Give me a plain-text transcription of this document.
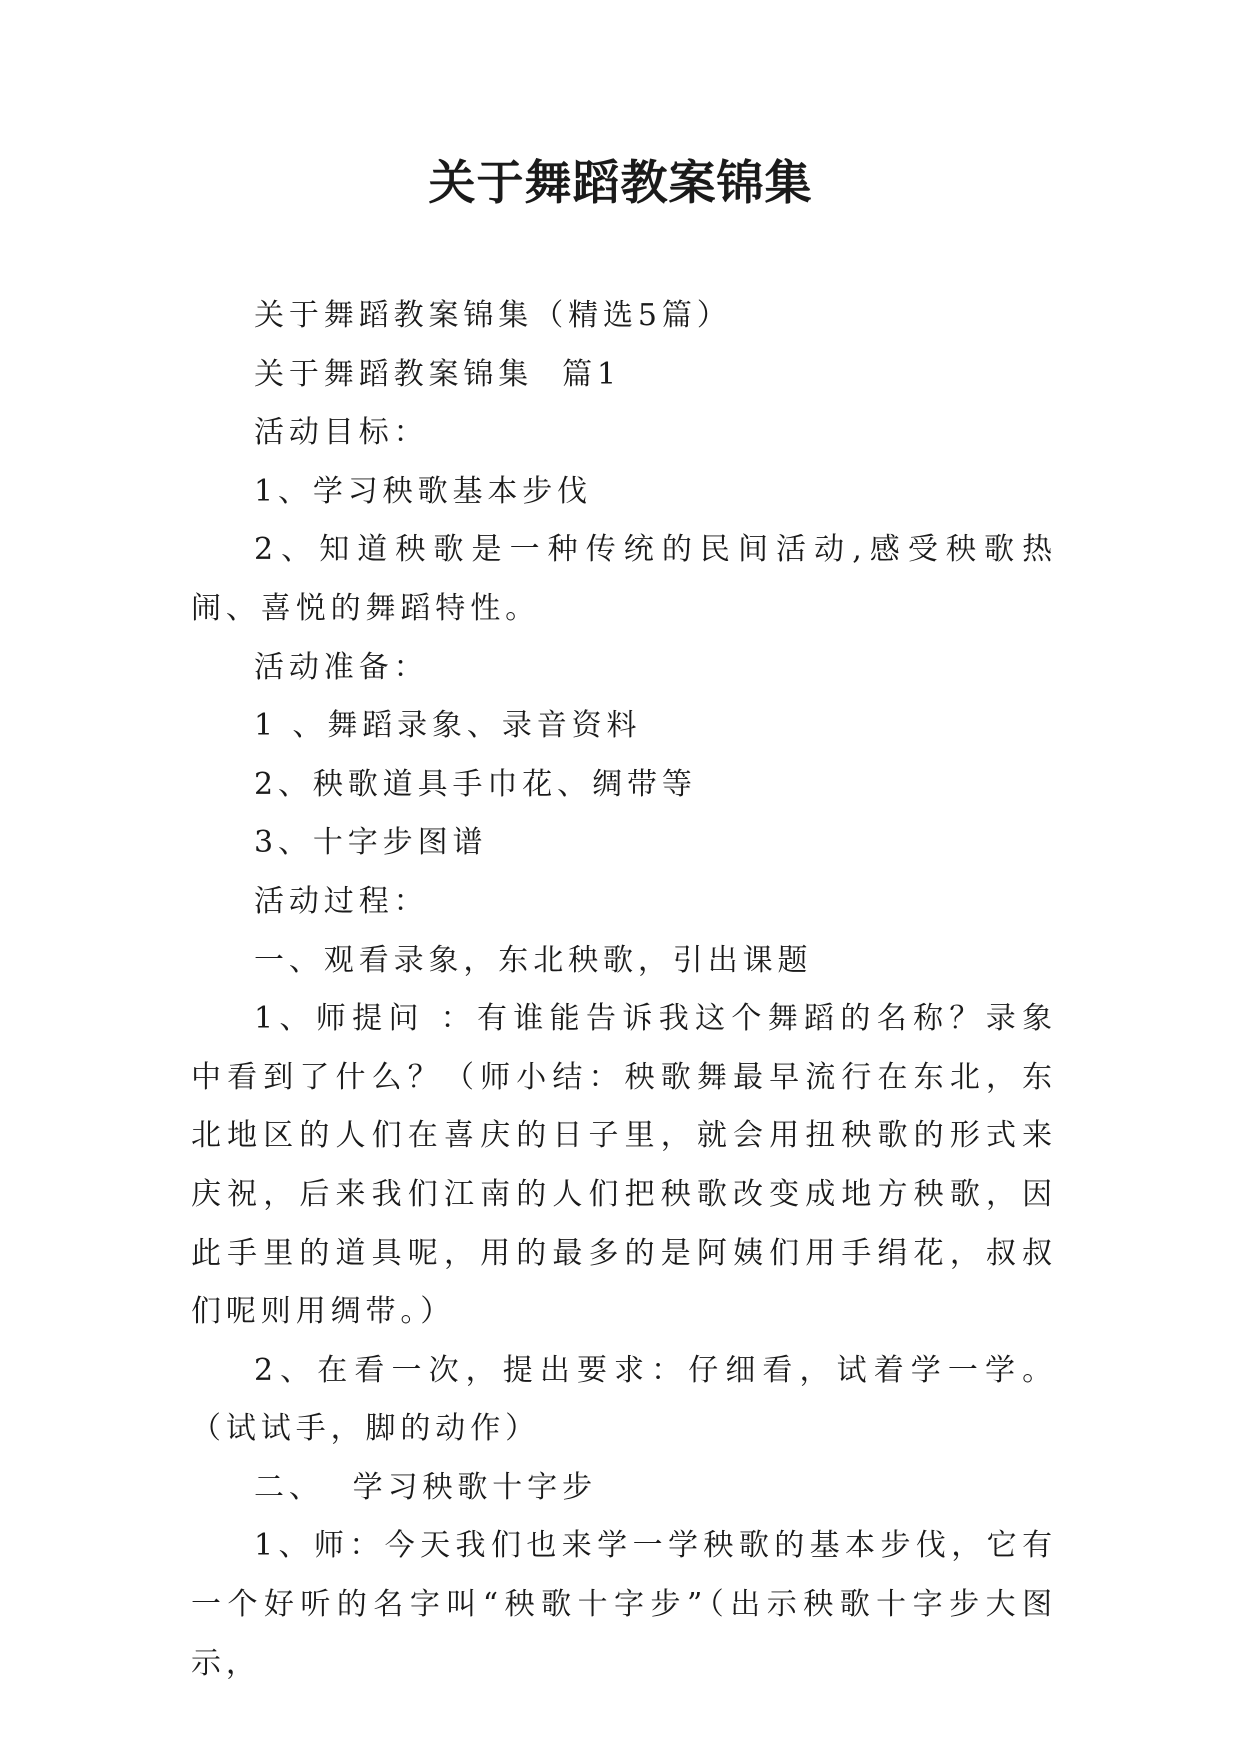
关于舞蹈教案锦集

关于舞蹈教案锦集（精选5篇）

关于舞蹈教案锦集  篇1

活动目标：

1、学习秧歌基本步伐

2、知道秧歌是一种传统的民间活动,感受秧歌热闹、喜悦的舞蹈特性。

活动准备：

1 、舞蹈录象、录音资料

2、秧歌道具手巾花、绸带等

3、十字步图谱

活动过程：

一、观看录象，东北秧歌，引出课题

1、师提问 ：有谁能告诉我这个舞蹈的名称？录象中看到了什么？（师小结：秧歌舞最早流行在东北，东北地区的人们在喜庆的日子里，就会用扭秧歌的形式来庆祝，后来我们江南的人们把秧歌改变成地方秧歌，因此手里的道具呢，用的最多的是阿姨们用手绢花，叔叔们呢则用绸带。）

2、在看一次，提出要求：仔细看，试着学一学。（试试手，脚的动作）

二、  学习秧歌十字步

1、师：今天我们也来学一学秧歌的基本步伐，它有一个好听的名字叫“秧歌十字步”（出示秧歌十字步大图示，
